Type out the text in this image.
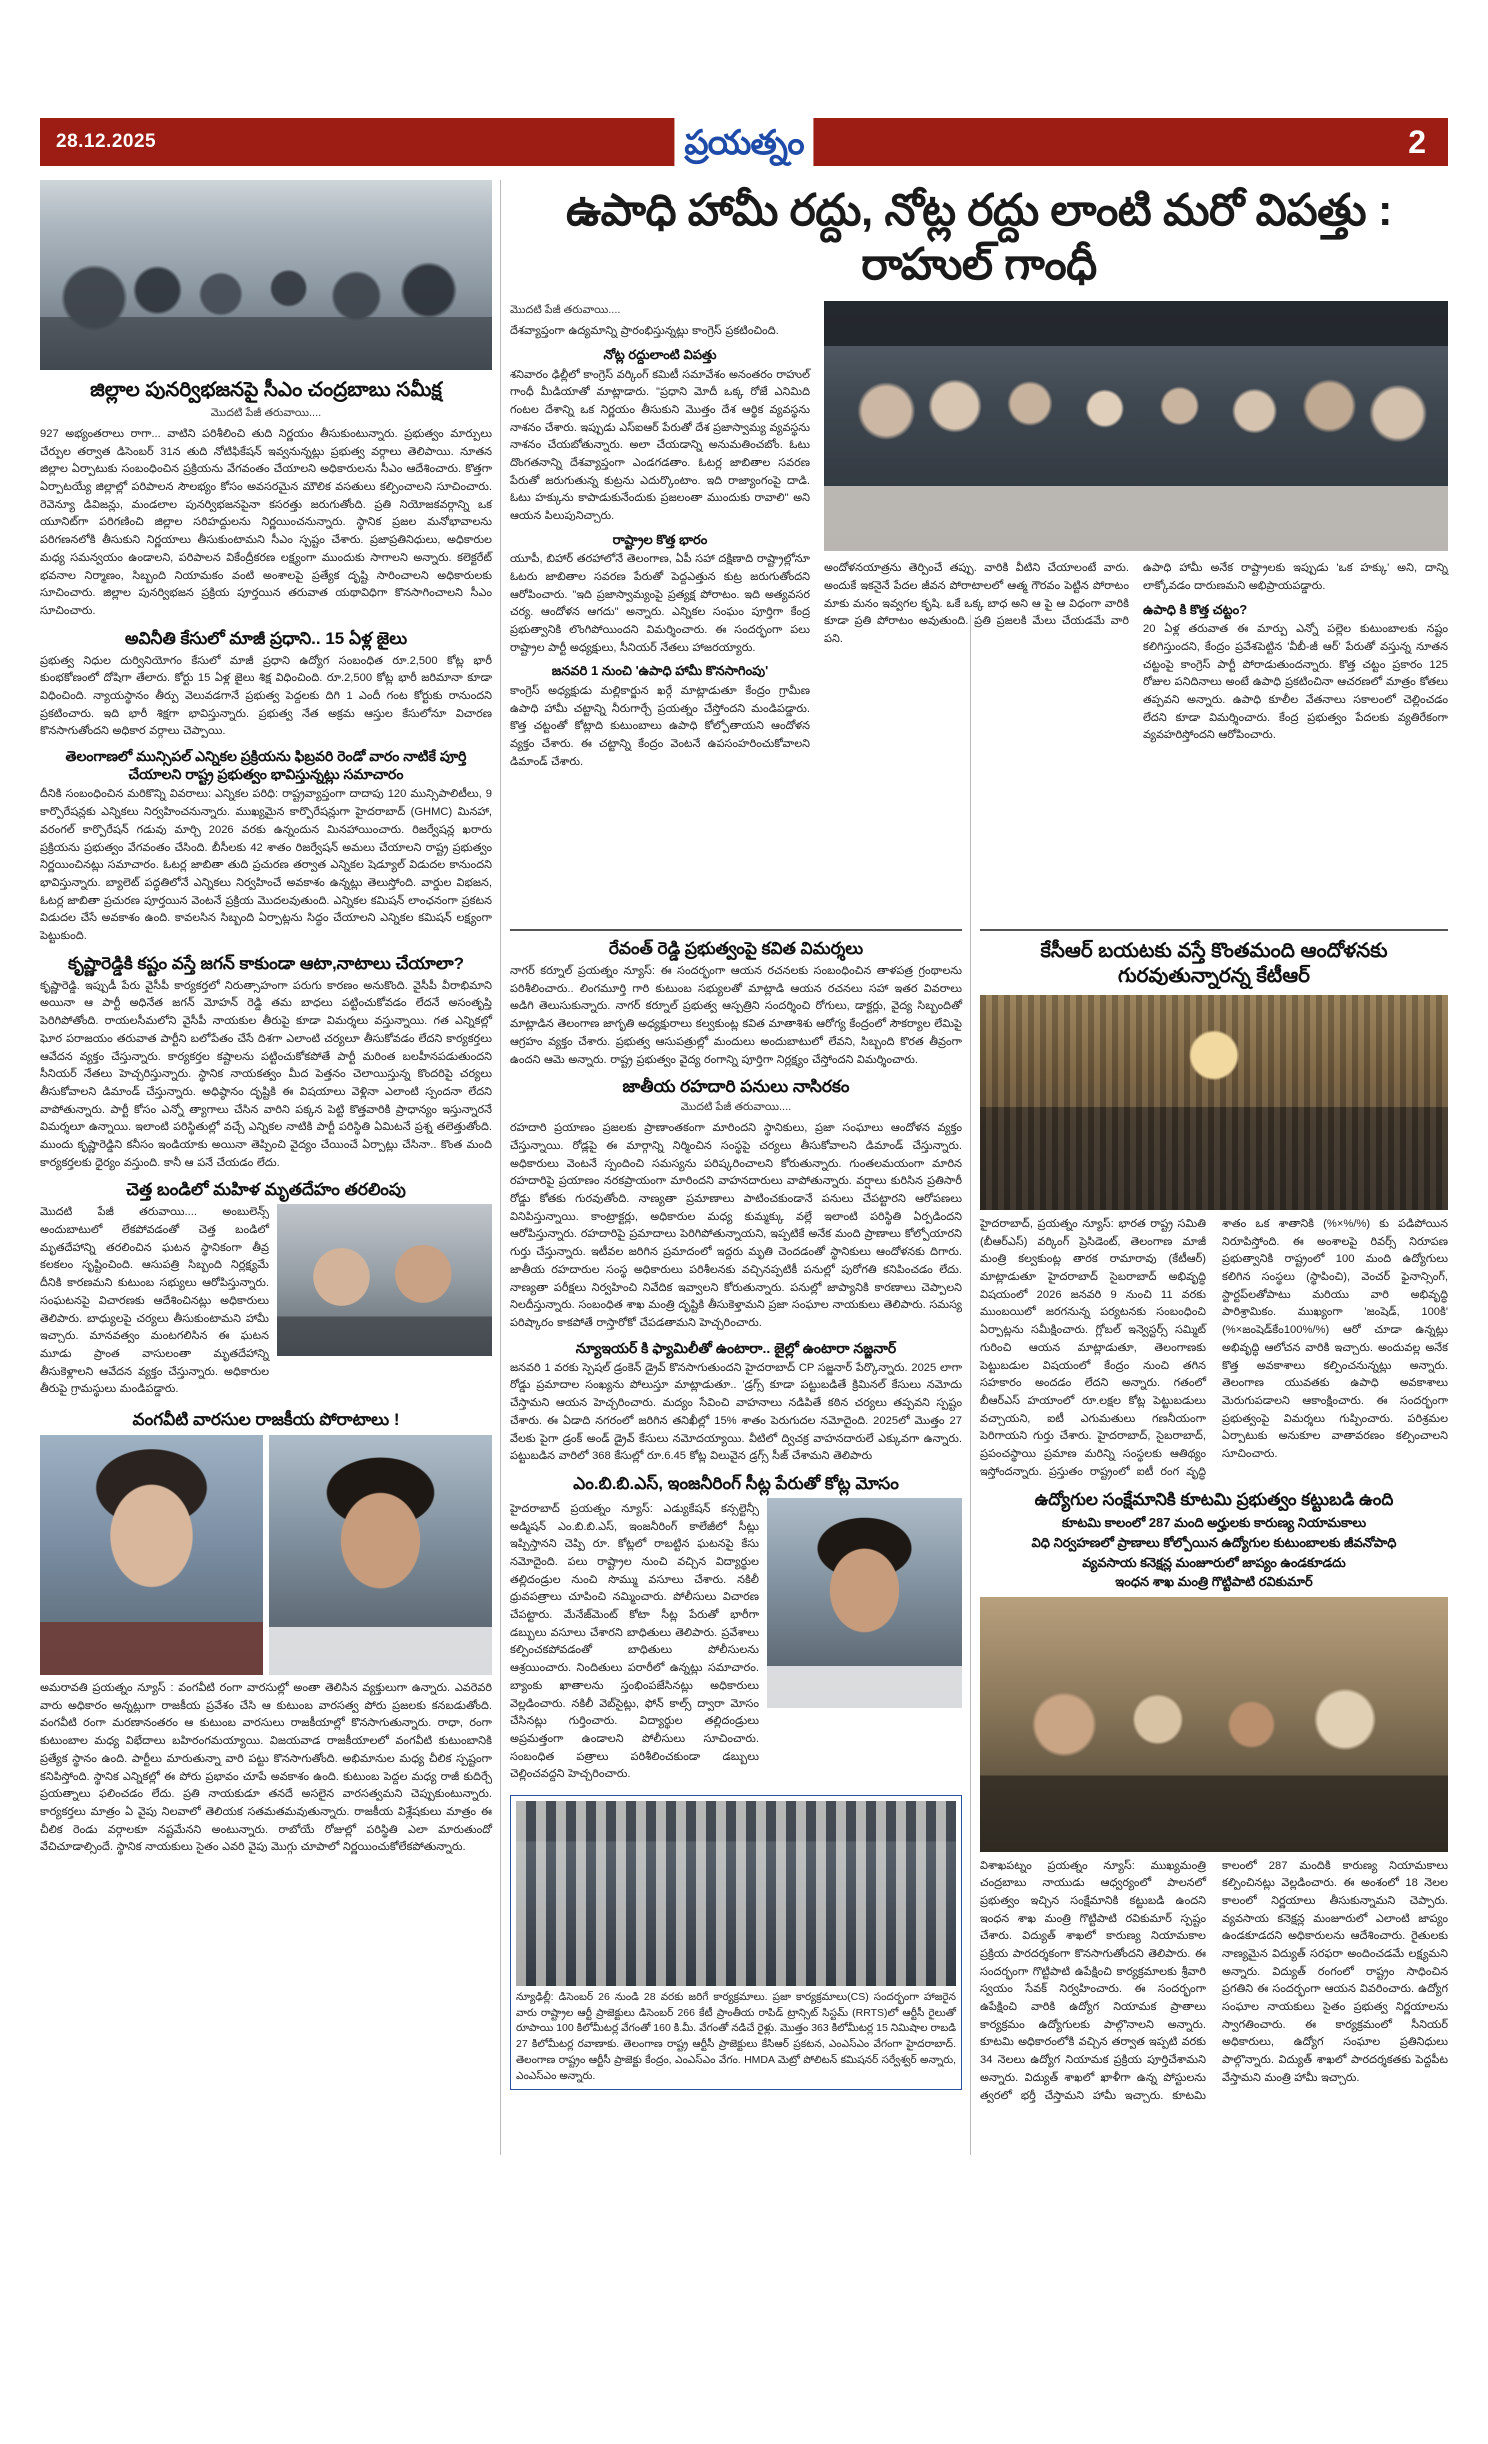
28.12.2025	ప్రయత్నం	2
జిల్లాల పునర్విభజనపై సీఎం చంద్రబాబు సమీక్ష
మొదటి పేజీ తరువాయి....
927 అభ్యంతరాలు రాగా... వాటిని పరిశీలించి తుది నిర్ణయం తీసుకుంటున్నారు. ప్రభుత్వం మార్పులు చేర్పుల తర్వాత డిసెంబర్ 31న తుది నోటిఫికేషన్ ఇవ్వనున్నట్లు ప్రభుత్వ వర్గాలు తెలిపాయి. నూతన జిల్లాల ఏర్పాటుకు సంబంధించిన ప్రక్రియను వేగవంతం చేయాలని అధికారులను సీఎం ఆదేశించారు. కొత్తగా ఏర్పాటయ్యే జిల్లాల్లో పరిపాలన సౌలభ్యం కోసం అవసరమైన మౌలిక వసతులు కల్పించాలని సూచించారు. రెవెన్యూ డివిజన్లు, మండలాల పునర్విభజనపైనా కసరత్తు జరుగుతోంది. ప్రతి నియోజకవర్గాన్ని ఒక యూనిట్‌గా పరిగణించి జిల్లాల సరిహద్దులను నిర్ణయించనున్నారు. స్థానిక ప్రజల మనోభావాలను పరిగణనలోకి తీసుకుని నిర్ణయాలు తీసుకుంటామని సీఎం స్పష్టం చేశారు. ప్రజాప్రతినిధులు, అధికారుల మధ్య సమన్వయం ఉండాలని, పరిపాలన వికేంద్రీకరణ లక్ష్యంగా ముందుకు సాగాలని అన్నారు. కలెక్టరేట్ భవనాల నిర్మాణం, సిబ్బంది నియామకం వంటి అంశాలపై ప్రత్యేక దృష్టి సారించాలని అధికారులకు సూచించారు. జిల్లాల పునర్విభజన ప్రక్రియ పూర్తయిన తరువాత యథావిధిగా కొనసాగించాలని సీఎం సూచించారు.
అవినీతి కేసులో మాజీ ప్రధాని.. 15 ఏళ్ల జైలు
ప్రభుత్వ నిధుల దుర్వినియోగం కేసులో మాజీ ప్రధాని ఉద్యోగ సంబంధిత రూ.2,500 కోట్ల భారీ కుంభకోణంలో దోషిగా తేలారు. కోర్టు 15 ఏళ్ల జైలు శిక్ష విధించింది. రూ.2,500 కోట్ల భారీ జరిమానా కూడా విధించింది. న్యాయస్థానం తీర్పు వెలువడగానే ప్రభుత్వ పెద్దలకు దిగి 1 ఎందీ గంట కోర్టుకు రానుందని ప్రకటించారు. ఇది భారీ శిక్షగా భావిస్తున్నారు. ప్రభుత్వ నేత అక్రమ ఆస్తుల కేసులోనూ విచారణ కొనసాగుతోందని అధికార వర్గాలు చెప్పాయి.
తెలంగాణలో మున్సిపల్ ఎన్నికల ప్రక్రియను ఫిబ్రవరి రెండో వారం నాటికే పూర్తి చేయాలని రాష్ట్ర ప్రభుత్వం భావిస్తున్నట్లు సమాచారం
దీనికి సంబంధించిన మరికొన్ని వివరాలు: ఎన్నికల పరిధి: రాష్ట్రవ్యాప్తంగా దాదాపు 120 మున్సిపాలిటీలు, 9 కార్పొరేషన్లకు ఎన్నికలు నిర్వహించనున్నారు. ముఖ్యమైన కార్పొరేషన్లుగా హైదరాబాద్ (GHMC) మినహా, వరంగల్ కార్పొరేషన్ గడువు మార్చి 2026 వరకు ఉన్నందున మినహాయించారు. రిజర్వేషన్ల ఖరారు ప్రక్రియను ప్రభుత్వం వేగవంతం చేసింది. బీసీలకు 42 శాతం రిజర్వేషన్ అమలు చేయాలని రాష్ట్ర ప్రభుత్వం నిర్ణయించినట్లు సమాచారం. ఓటర్ల జాబితా తుది ప్రచురణ తర్వాత ఎన్నికల షెడ్యూల్ విడుదల కానుందని భావిస్తున్నారు. బ్యాలెట్ పద్ధతిలోనే ఎన్నికలు నిర్వహించే అవకాశం ఉన్నట్లు తెలుస్తోంది. వార్డుల విభజన, ఓటర్ల జాబితా ప్రచురణ పూర్తయిన వెంటనే ప్రక్రియ మొదలవుతుంది. ఎన్నికల కమిషన్ లాంఛనంగా ప్రకటన విడుదల చేసే అవకాశం ఉంది. కావలసిన సిబ్బంది ఏర్పాట్లను సిద్ధం చేయాలని ఎన్నికల కమిషన్ లక్ష్యంగా పెట్టుకుంది.
కృష్ణారెడ్డికి కష్టం వస్తే జగన్ కాకుండా ఆటా,నాటాలు చేయాలా?
కృష్ణారెడ్డి. ఇప్పుడీ పేరు వైసీపీ కార్యకర్తలో నిరుత్సాహంగా పరుగు కారణం అనుకొంది. వైసీపీ వీరాభిమాని అయినా ఆ పార్టీ అధినేత జగన్ మోహన్ రెడ్డి తమ బాధలు పట్టించుకోవడం లేదనే అసంతృప్తి పెరిగిపోతోంది. రాయలసీమలోని వైసీపీ నాయకుల తీరుపై కూడా విమర్శలు వస్తున్నాయి. గత ఎన్నికల్లో ఘోర పరాజయం తరువాత పార్టీని బలోపేతం చేసే దిశగా ఎలాంటి చర్యలూ తీసుకోవడం లేదని కార్యకర్తలు ఆవేదన వ్యక్తం చేస్తున్నారు. కార్యకర్తల కష్టాలను పట్టించుకోకపోతే పార్టీ మరింత బలహీనపడుతుందని సీనియర్ నేతలు హెచ్చరిస్తున్నారు. స్థానిక నాయకత్వం మీద పెత్తనం చెలాయిస్తున్న కొందరిపై చర్యలు తీసుకోవాలని డిమాండ్ చేస్తున్నారు. అధిష్ఠానం దృష్టికి ఈ విషయాలు వెళ్లినా ఎలాంటి స్పందనా లేదని వాపోతున్నారు. పార్టీ కోసం ఎన్నో త్యాగాలు చేసిన వారిని పక్కన పెట్టి కొత్తవారికి ప్రాధాన్యం ఇస్తున్నారనే విమర్శలూ ఉన్నాయి. ఇలాంటి పరిస్థితుల్లో వచ్చే ఎన్నికల నాటికి పార్టీ పరిస్థితి ఏమిటనే ప్రశ్న తలెత్తుతోంది. ముందు కృష్ణారెడ్డిని కనీసం ఇండియాకు అయినా తెప్పించి వైద్యం చేయించే ఏర్పాట్లు చేసినా.. కొంత మంది కార్యకర్తలకు ధైర్యం వస్తుంది. కానీ ఆ పనే చేయడం లేదు.
చెత్త బండిలో మహిళ మృతదేహం తరలింపు
మొదటి పేజీ తరువాయి.... అంబులెన్స్ అందుబాటులో లేకపోవడంతో చెత్త బండిలో మృతదేహాన్ని తరలించిన ఘటన స్థానికంగా తీవ్ర కలకలం సృష్టించింది. ఆసుపత్రి సిబ్బంది నిర్లక్ష్యమే దీనికి కారణమని కుటుంబ సభ్యులు ఆరోపిస్తున్నారు. సంఘటనపై విచారణకు ఆదేశించినట్లు అధికారులు తెలిపారు. బాధ్యులపై చర్యలు తీసుకుంటామని హామీ ఇచ్చారు. మానవత్వం మంటగలిసిన ఈ ఘటన మూడు ప్రాంత వాసులంతా మృతదేహాన్ని తీసుకెళ్లాలని ఆవేదన వ్యక్తం చేస్తున్నారు. అధికారుల తీరుపై గ్రామస్థులు మండిపడ్డారు.
వంగవీటి వారసుల రాజకీయ పోరాటాలు !
అమరావతి ప్రయత్నం న్యూస్ : వంగవీటి రంగా వారసుల్లో అంతా తెలిసిన వ్యక్తులుగా ఉన్నారు. ఎవరెవరి వారు అధికారం అన్నట్లుగా రాజకీయ ప్రవేశం చేసి ఆ కుటుంబ వారసత్వ పోరు ప్రజలకు కనబడుతోంది. వంగవీటి రంగా మరణానంతరం ఆ కుటుంబ వారసులు రాజకీయాల్లో కొనసాగుతున్నారు. రాధా, రంగా కుటుంబాల మధ్య విభేదాలు బహిరంగమయ్యాయి. విజయవాడ రాజకీయాలలో వంగవీటి కుటుంబానికి ప్రత్యేక స్థానం ఉంది. పార్టీలు మారుతున్నా వారి పట్టు కొనసాగుతోంది. అభిమానుల మధ్య చీలిక స్పష్టంగా కనిపిస్తోంది. స్థానిక ఎన్నికల్లో ఈ పోరు ప్రభావం చూపే అవకాశం ఉంది. కుటుంబ పెద్దల మధ్య రాజీ కుదిర్చే ప్రయత్నాలు ఫలించడం లేదు. ప్రతి నాయకుడూ తనదే అసలైన వారసత్వమని చెప్పుకుంటున్నారు. కార్యకర్తలు మాత్రం ఏ వైపు నిలవాలో తెలియక సతమతమవుతున్నారు. రాజకీయ విశ్లేషకులు మాత్రం ఈ చీలిక రెండు వర్గాలకూ నష్టమేనని అంటున్నారు. రాబోయే రోజుల్లో పరిస్థితి ఎలా మారుతుందో వేచిచూడాల్సిందే. స్థానిక నాయకులు సైతం ఎవరి వైపు మొగ్గు చూపాలో నిర్ణయించుకోలేకపోతున్నారు.
ఉపాధి హామీ రద్దు, నోట్ల రద్దు లాంటి మరో విపత్తు : రాహుల్ గాంధీ
మొదటి పేజీ తరువాయి....
దేశవ్యాప్తంగా ఉద్యమాన్ని ప్రారంభిస్తున్నట్లు కాంగ్రెస్ ప్రకటించింది.
నోట్ల రద్దులాంటి విపత్తు
శనివారం ఢిల్లీలో కాంగ్రెస్ వర్కింగ్ కమిటీ సమావేశం అనంతరం రాహుల్ గాంధీ మీడియాతో మాట్లాడారు. "ప్రధాని మోదీ ఒక్క రోజే ఎనిమిది గంటల దేశాన్ని ఒక నిర్ణయం తీసుకుని మొత్తం దేశ ఆర్థిక వ్యవస్థను నాశనం చేశారు. ఇప్పుడు ఎస్ఐఆర్ పేరుతో దేశ ప్రజాస్వామ్య వ్యవస్థను నాశనం చేయబోతున్నారు. అలా చేయడాన్ని అనుమతించబోం. ఓటు దొంగతనాన్ని దేశవ్యాప్తంగా ఎండగడతాం. ఓటర్ల జాబితాల సవరణ పేరుతో జరుగుతున్న కుట్రను ఎదుర్కొంటాం. ఇది రాజ్యాంగంపై దాడి. ఓటు హక్కును కాపాడుకునేందుకు ప్రజలంతా ముందుకు రావాలి" అని ఆయన పిలుపునిచ్చారు.
రాష్ట్రాల కొత్త భారం
యూపీ, బిహార్ తరహాలోనే తెలంగాణ, ఏపీ సహా దక్షిణాది రాష్ట్రాల్లోనూ ఓటరు జాబితాల సవరణ పేరుతో పెద్దఎత్తున కుట్ర జరుగుతోందని ఆరోపించారు. "ఇది ప్రజాస్వామ్యంపై ప్రత్యక్ష పోరాటం. ఇది అత్యవసర చర్య. ఆందోళన ఆగదు" అన్నారు. ఎన్నికల సంఘం పూర్తిగా కేంద్ర ప్రభుత్వానికి లొంగిపోయిందని విమర్శించారు. ఈ సందర్భంగా పలు రాష్ట్రాల పార్టీ అధ్యక్షులు, సీనియర్ నేతలు హాజరయ్యారు.
జనవరి 1 నుంచి 'ఉపాధి హామీ కొనసాగింపు'
కాంగ్రెస్ అధ్యక్షుడు మల్లికార్జున ఖర్గే మాట్లాడుతూ కేంద్రం గ్రామీణ ఉపాధి హామీ చట్టాన్ని నీరుగార్చే ప్రయత్నం చేస్తోందని మండిపడ్డారు. కొత్త చట్టంతో కోట్లాది కుటుంబాలు ఉపాధి కోల్పోతాయని ఆందోళన వ్యక్తం చేశారు. ఈ చట్టాన్ని కేంద్రం వెంటనే ఉపసంహరించుకోవాలని డిమాండ్ చేశారు.
అందోళనయాత్రను తెర్పించే తప్పు. వారికి వీటిని చేయాలంటే వారు. అందుకే ఇకనైనే పేదల జీవన పోరాటాలలో ఆత్మ గౌరవం పెట్టిన పోరాటం మాకు మనం ఇవ్వగల కృషి. ఒకే ఒక్క బాధ అని ఆ పై ఆ విధంగా వారికి కూడా ప్రతి పోరాటం అవుతుంది. ప్రతి ప్రజలకి మేలు చేయడమే వారి పని.
ఉపాధి హామీ అనేక రాష్ట్రాలకు ఇప్పుడు 'ఒక హక్కు' అని, దాన్ని లాక్కోవడం దారుణమని అభిప్రాయపడ్డారు.
ఉపాధి కి కొత్త చట్టం?
20 ఏళ్ల తరువాత ఈ మార్పు ఎన్నో పల్లెల కుటుంబాలకు నష్టం కలిగిస్తుందని, కేంద్రం ప్రవేశపెట్టిన 'వీబీ-జీ ఆర్' పేరుతో వస్తున్న నూతన చట్టంపై కాంగ్రెస్ పార్టీ పోరాడుతుందన్నారు. కొత్త చట్టం ప్రకారం 125 రోజుల పనిదినాలు అంటే ఉపాధి ప్రకటించినా ఆచరణలో మాత్రం కోతలు తప్పవని అన్నారు. ఉపాధి కూలీల వేతనాలు సకాలంలో చెల్లించడం లేదని కూడా విమర్శించారు. కేంద్ర ప్రభుత్వం పేదలకు వ్యతిరేకంగా వ్యవహరిస్తోందని ఆరోపించారు.
రేవంత్ రెడ్డి ప్రభుత్వంపై కవిత విమర్శలు
నాగర్ కర్నూల్ ప్రయత్నం న్యూస్: ఈ సందర్భంగా ఆయన రచనలకు సంబంధించిన తాళపత్ర గ్రంథాలను పరిశీలించారు.. లింగమూర్తి గారి కుటుంబ సభ్యులతో మాట్లాడి ఆయన రచనలు సహా ఇతర వివరాలు అడిగి తెలుసుకున్నారు. నాగర్ కర్నూల్ ప్రభుత్వ ఆస్పత్రిని సందర్శించి రోగులు, డాక్టర్లు, వైద్య సిబ్బందితో మాట్లాడిన తెలంగాణ జాగృతి అధ్యక్షురాలు కల్వకుంట్ల కవిత మాతాశిశు ఆరోగ్య కేంద్రంలో సౌకర్యాల లేమిపై ఆగ్రహం వ్యక్తం చేశారు. ప్రభుత్వ ఆసుపత్రుల్లో మందులు అందుబాటులో లేవని, సిబ్బంది కొరత తీవ్రంగా ఉందని ఆమె అన్నారు. రాష్ట్ర ప్రభుత్వం వైద్య రంగాన్ని పూర్తిగా నిర్లక్ష్యం చేస్తోందని విమర్శించారు.
జాతీయ రహదారి పనులు నాసిరకం
మొదటి పేజీ తరువాయి....
రహదారి ప్రయాణం ప్రజలకు ప్రాణాంతకంగా మారిందని స్థానికులు, ప్రజా సంఘాలు ఆందోళన వ్యక్తం చేస్తున్నాయి. రోడ్లపై ఈ మార్గాన్ని నిర్మించిన సంస్థపై చర్యలు తీసుకోవాలని డిమాండ్ చేస్తున్నారు. అధికారులు వెంటనే స్పందించి సమస్యను పరిష్కరించాలని కోరుతున్నారు. గుంతలమయంగా మారిన రహదారిపై ప్రయాణం నరకప్రాయంగా మారిందని వాహనదారులు వాపోతున్నారు. వర్షాలు కురిసిన ప్రతిసారీ రోడ్డు కోతకు గురవుతోంది. నాణ్యతా ప్రమాణాలు పాటించకుండానే పనులు చేపట్టారని ఆరోపణలు వినిపిస్తున్నాయి. కాంట్రాక్టర్లు, అధికారుల మధ్య కుమ్మక్కు వల్లే ఇలాంటి పరిస్థితి ఏర్పడిందని ఆరోపిస్తున్నారు. రహదారిపై ప్రమాదాలు పెరిగిపోతున్నాయని, ఇప్పటికే అనేక మంది ప్రాణాలు కోల్పోయారని గుర్తు చేస్తున్నారు. ఇటీవల జరిగిన ప్రమాదంలో ఇద్దరు మృతి చెందడంతో స్థానికులు ఆందోళనకు దిగారు. జాతీయ రహదారుల సంస్థ అధికారులు పరిశీలనకు వచ్చినప్పటికీ పనుల్లో పురోగతి కనిపించడం లేదు. నాణ్యతా పరీక్షలు నిర్వహించి నివేదిక ఇవ్వాలని కోరుతున్నారు. పనుల్లో జాప్యానికి కారణాలు చెప్పాలని నిలదీస్తున్నారు. సంబంధిత శాఖ మంత్రి దృష్టికి తీసుకెళ్తామని ప్రజా సంఘాల నాయకులు తెలిపారు. సమస్య పరిష్కారం కాకపోతే రాస్తారోకో చేపడతామని హెచ్చరించారు.
న్యూఇయర్ కి ఫ్యామిలీతో ఉంటారా.. జైల్లో ఉంటారా నజ్జనార్
జనవరి 1 వరకు స్పెషల్ డ్రంకెన్ డ్రైవ్ కొనసాగుతుందని హైదరాబాద్ CP సజ్జనార్ పేర్కొన్నారు. 2025 లాగా రోడ్డు ప్రమాదాల సంఖ్యను పోలుస్తూ మాట్లాడుతూ.. 'డ్రగ్స్ కూడా పట్టుబడితే క్రిమినల్ కేసులు నమోదు చేస్తామని ఆయన హెచ్చరించారు. మద్యం సేవించి వాహనాలు నడిపితే కఠిన చర్యలు తప్పవని స్పష్టం చేశారు. ఈ ఏడాది నగరంలో జరిగిన తనిఖీల్లో 15% శాతం పెరుగుదల నమోదైంది. 2025లో మొత్తం 27 వేలకు పైగా డ్రంక్ అండ్ డ్రైవ్ కేసులు నమోదయ్యాయి. వీటిలో ద్విచక్ర వాహనదారులే ఎక్కువగా ఉన్నారు. పట్టుబడిన వారిలో 368 కేసుల్లో రూ.6.45 కోట్ల విలువైన డ్రగ్స్ సీజ్ చేశామని తెలిపారు
ఎం.బి.బి.ఎస్, ఇంజనీరింగ్ సీట్ల పేరుతో కోట్ల మోసం
హైదరాబాద్ ప్రయత్నం న్యూస్: ఎడ్యుకేషన్ కన్సల్టెన్సీ అడ్మిషన్ ఎం.బి.బి.ఎస్, ఇంజనీరింగ్ కాలేజీలో సీట్లు ఇప్పిస్తానని చెప్పి రూ. కోట్లలో రాబట్టిన ఘటనపై కేసు నమోదైంది. పలు రాష్ట్రాల నుంచి వచ్చిన విద్యార్థుల తల్లిదండ్రుల నుంచి సొమ్ము వసూలు చేశారు. నకిలీ ధ్రువపత్రాలు చూపించి నమ్మించారు. పోలీసులు విచారణ చేపట్టారు. మేనేజ్‌మెంట్ కోటా సీట్ల పేరుతో భారీగా డబ్బులు వసూలు చేశారని బాధితులు తెలిపారు. ప్రవేశాలు కల్పించకపోవడంతో బాధితులు పోలీసులను ఆశ్రయించారు. నిందితులు పరారీలో ఉన్నట్లు సమాచారం. బ్యాంకు ఖాతాలను స్తంభింపజేసినట్లు అధికారులు వెల్లడించారు. నకిలీ వెబ్‌సైట్లు, ఫోన్ కాల్స్ ద్వారా మోసం చేసినట్లు గుర్తించారు. విద్యార్థుల తల్లిదండ్రులు అప్రమత్తంగా ఉండాలని పోలీసులు సూచించారు. సంబంధిత పత్రాలు పరిశీలించకుండా డబ్బులు చెల్లించవద్దని హెచ్చరించారు.
న్యూఢిల్లీ: డిసెంబర్ 26 నుండి 28 వరకు జరిగే కార్యక్రమాలు. ప్రజా కార్యక్రమాలు(CS) సందర్భంగా హాజరైన వారు రాష్ట్రాల ఆర్టీ ప్రాజెక్టులు డిసెంబర్ 266 కేటీ ప్రాంతీయ రాపిడ్ ట్రాన్సిట్ సిస్టమ్ (RRTS)లో ఆర్టీసీ రైలుతో రూపాయి 100 కిలోమీటర్ల వేగంతో 160 కి.మీ. వేగంతో నడిచే రైళ్లు. మొత్తం 363 కిలోమీటర్ల 15 నిమిషాల రాబడి 27 కిలోమీటర్ల రవాణాకు. తెలంగాణ రాష్ట్ర ఆర్టీసీ ప్రాజెక్టులు కేసిఆర్ ప్రకటన, ఎంఎస్ఎం వేగంగా హైదరాబాద్. తెలంగాణ రాష్ట్రం ఆర్టీసీ ప్రాజెక్టు కేంద్రం, ఎంఎస్ఎం వేగం. HMDA మెట్రో పోలిటన్ కమిషనర్ సర్వేశ్వర్ అన్నారు, ఎంఎస్ఎం అన్నారు.
కేసీఆర్ బయటకు వస్తే కొంతమంది ఆందోళనకు గురవుతున్నారన్న కేటీఆర్
హైదరాబాద్, ప్రయత్నం న్యూస్: భారత రాష్ట్ర సమితి (బీఆర్ఎస్) వర్కింగ్ ప్రెసిడెంట్, తెలంగాణ మాజీ మంత్రి కల్వకుంట్ల తారక రామారావు (కేటీఆర్) మాట్లాడుతూ హైదరాబాద్ సైబరాబాద్ అభివృద్ధి విషయంలో 2026 జనవరి 9 నుంచి 11 వరకు ముంబయిలో జరగనున్న పర్యటనకు సంబంధించి ఏర్పాట్లను సమీక్షించారు. గ్లోబల్ ఇన్వెస్టర్స్ సమ్మిట్ గురించి ఆయన మాట్లాడుతూ, తెలంగాణకు పెట్టుబడుల విషయంలో కేంద్రం నుంచి తగిన సహకారం అందడం లేదని అన్నారు. గతంలో బీఆర్ఎస్ హయాంలో రూ.లక్షల కోట్ల పెట్టుబడులు వచ్చాయని, ఐటీ ఎగుమతులు గణనీయంగా పెరిగాయని గుర్తు చేశారు. హైదరాబాద్, సైబరాబాద్, ప్రపంచస్థాయి ప్రమాణ మరిన్ని సంస్థలకు ఆతిథ్యం ఇస్తోందన్నారు. ప్రస్తుతం రాష్ట్రంలో ఐటీ రంగ వృద్ధి శాతం ఒక శాతానికి (%×%/%) కు పడిపోయిన నిరూపిస్తోంది. ఈ అంశాలపై రివర్స్ నిరూపణ ప్రభుత్వానికి రాష్ట్రంలో 100 మంది ఉద్యోగులు కలిగిన సంస్థలు (స్థాపించి), వెంచర్ ఫైనాన్సింగ్, స్టార్టప్‌లతోపాటు మరియు వారి అభివృద్ధి పారిశ్రామికం. ముఖ్యంగా 'జంషెడ్, 100కి' (%×జంషెడ్‌కేం100%/%) ఆరో చూడా ఉన్నట్లు అభివృద్ధి ఆలోచన వారికి ఇచ్చారు. అందువల్ల అనేక కొత్త అవకాశాలు కల్పించనున్నట్లు అన్నారు. తెలంగాణ యువతకు ఉపాధి అవకాశాలు మెరుగుపడాలని ఆకాంక్షించారు. ఈ సందర్భంగా ప్రభుత్వంపై విమర్శలు గుప్పించారు. పరిశ్రమల ఏర్పాటుకు అనుకూల వాతావరణం కల్పించాలని సూచించారు.
ఉద్యోగుల సంక్షేమానికి కూటమి ప్రభుత్వం కట్టుబడి ఉంది
కూటమి కాలంలో 287 మంది అర్హులకు కారుణ్య నియామకాలు
విధి నిర్వహణలో ప్రాణాలు కోల్పోయిన ఉద్యోగుల కుటుంబాలకు జీవనోపాధి
వ్యవసాయ కనెక్షన్ల మంజూరులో జాప్యం ఉండకూడదు
ఇంధన శాఖ మంత్రి గొట్టిపాటి రవికుమార్
విశాఖపట్నం ప్రయత్నం న్యూస్: ముఖ్యమంత్రి చంద్రబాబు నాయుడు ఆధ్వర్యంలో పాలనలో ప్రభుత్వం ఇచ్చిన సంక్షేమానికి కట్టుబడి ఉందని ఇంధన శాఖ మంత్రి గొట్టిపాటి రవికుమార్ స్పష్టం చేశారు. విద్యుత్ శాఖలో కారుణ్య నియామకాల ప్రక్రియ పారదర్శకంగా కొనసాగుతోందని తెలిపారు. ఈ సందర్భంగా గొట్టిపాటి ఉపేక్షించి కార్యక్రమాలకు శ్రీవారి స్వయం సేవక్ నిర్వహించారు. ఈ సందర్భంగా ఉపేక్షించి వారికి ఉద్యోగ నియామక ప్రాతాలు కార్యక్రమం ఉద్యోగులకు పాల్గొనాలని అన్నారు. కూటమి అధికారంలోకి వచ్చిన తర్వాత ఇప్పటి వరకు 34 నెలలు ఉద్యోగ నియామక ప్రక్రియ పూర్తిచేశామని అన్నారు. విద్యుత్ శాఖలో ఖాళీగా ఉన్న పోస్టులను త్వరలో భర్తీ చేస్తామని హామీ ఇచ్చారు. కూటమి కాలంలో 287 మందికి కారుణ్య నియామకాలు కల్పించినట్లు వెల్లడించారు. ఈ అంశంలో 18 నెలల కాలంలో నిర్ణయాలు తీసుకున్నామని చెప్పారు. వ్యవసాయ కనెక్షన్ల మంజూరులో ఎలాంటి జాప్యం ఉండకూడదని అధికారులను ఆదేశించారు. రైతులకు నాణ్యమైన విద్యుత్ సరఫరా అందించడమే లక్ష్యమని అన్నారు. విద్యుత్ రంగంలో రాష్ట్రం సాధించిన ప్రగతిని ఈ సందర్భంగా ఆయన వివరించారు. ఉద్యోగ సంఘాల నాయకులు సైతం ప్రభుత్వ నిర్ణయాలను స్వాగతించారు. ఈ కార్యక్రమంలో సీనియర్ అధికారులు, ఉద్యోగ సంఘాల ప్రతినిధులు పాల్గొన్నారు. విద్యుత్ శాఖలో పారదర్శకతకు పెద్దపీట వేస్తామని మంత్రి హామీ ఇచ్చారు.
